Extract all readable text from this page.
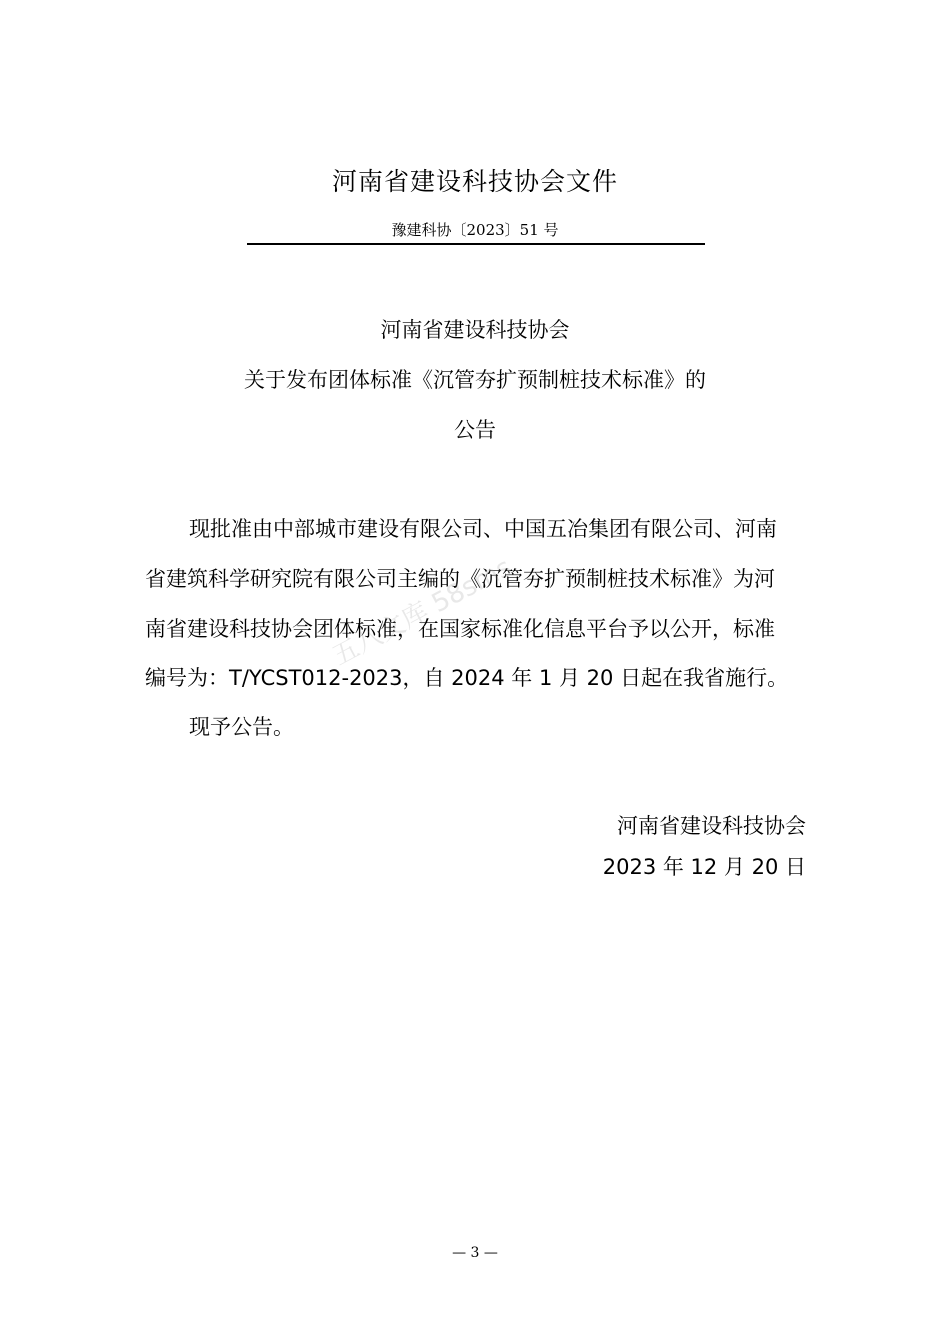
河南省建设科技协会文件
豫建科协〔2023〕51 号
河南省建设科技协会
关于发布团体标准《沉管夯扩预制桩技术标准》的
公告
现批准由中部城市建设有限公司、中国五冶集团有限公司、河南
省建筑科学研究院有限公司主编的《沉管夯扩预制桩技术标准》为河
南省建设科技协会团体标准，在国家标准化信息平台予以公开，标准
编号为：T/YCST012-2023，自 2024 年 1 月 20 日起在我省施行。
现予公告。
五八文库 58sms
河南省建设科技协会
2023 年 12 月 20 日
— 3 —
